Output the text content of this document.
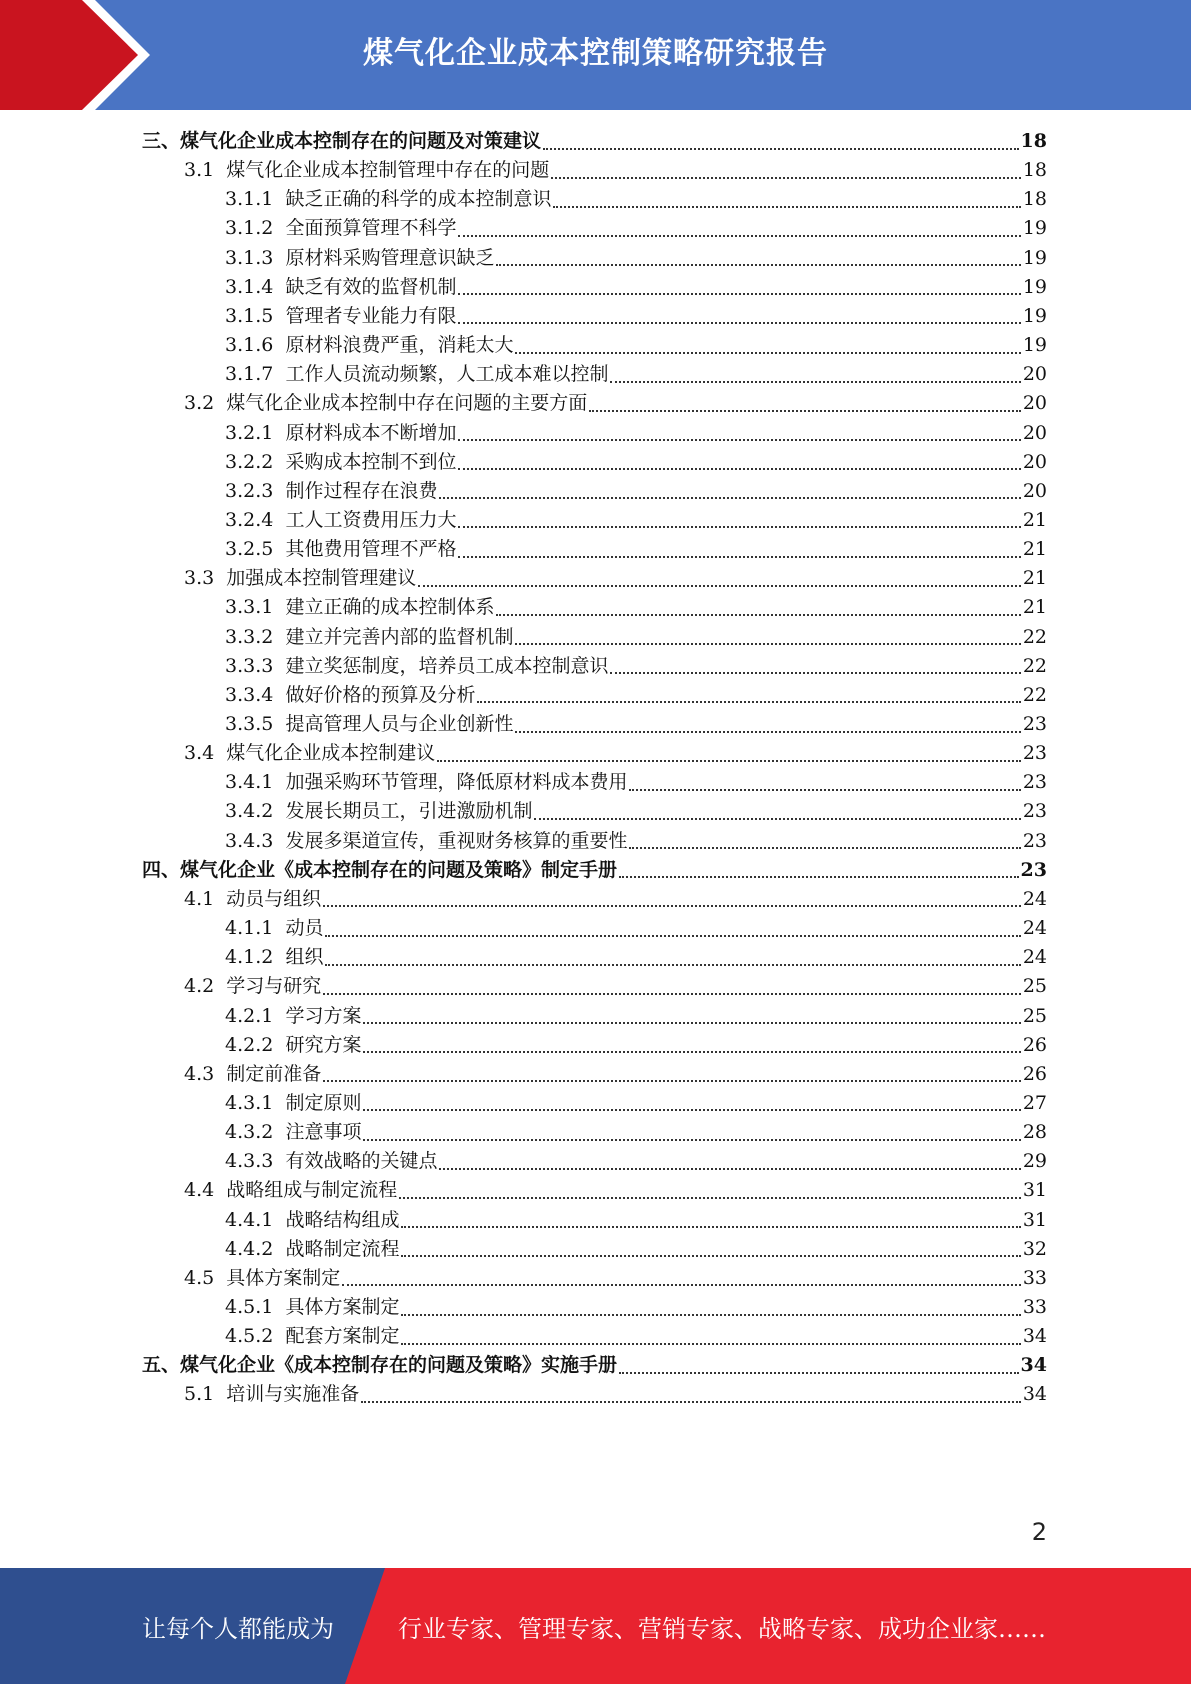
煤气化企业成本控制策略研究报告
三、 煤气化企业成本控制存在的问题及对策建议	18
3.1 煤气化企业成本控制管理中存在的问题	18
3.1.1 缺乏正确的科学的成本控制意识	18
3.1.2 全面预算管理不科学	19
3.1.3 原材料采购管理意识缺乏	19
3.1.4 缺乏有效的监督机制	19
3.1.5 管理者专业能力有限	19
3.1.6 原材料浪费严重，消耗太大	19
3.1.7 工作人员流动频繁，人工成本难以控制	20
3.2 煤气化企业成本控制中存在问题的主要方面	20
3.2.1 原材料成本不断增加	20
3.2.2 采购成本控制不到位	20
3.2.3 制作过程存在浪费	20
3.2.4 工人工资费用压力大	21
3.2.5 其他费用管理不严格	21
3.3 加强成本控制管理建议	21
3.3.1 建立正确的成本控制体系	21
3.3.2 建立并完善内部的监督机制	22
3.3.3 建立奖惩制度，培养员工成本控制意识	22
3.3.4 做好价格的预算及分析	22
3.3.5 提高管理人员与企业创新性	23
3.4 煤气化企业成本控制建议	23
3.4.1 加强采购环节管理，降低原材料成本费用	23
3.4.2 发展长期员工，引进激励机制	23
3.4.3 发展多渠道宣传，重视财务核算的重要性	23
四、 煤气化企业《成本控制存在的问题及策略》制定手册	23
4.1 动员与组织	24
4.1.1 动员	24
4.1.2 组织	24
4.2 学习与研究	25
4.2.1 学习方案	25
4.2.2 研究方案	26
4.3 制定前准备	26
4.3.1 制定原则	27
4.3.2 注意事项	28
4.3.3 有效战略的关键点	29
4.4 战略组成与制定流程	31
4.4.1 战略结构组成	31
4.4.2 战略制定流程	32
4.5 具体方案制定	33
4.5.1 具体方案制定	33
4.5.2 配套方案制定	34
五、 煤气化企业《成本控制存在的问题及策略》实施手册	34
5.1 培训与实施准备	34
2
让每个人都能成为	行业专家、管理专家、营销专家、战略专家、成功企业家……
